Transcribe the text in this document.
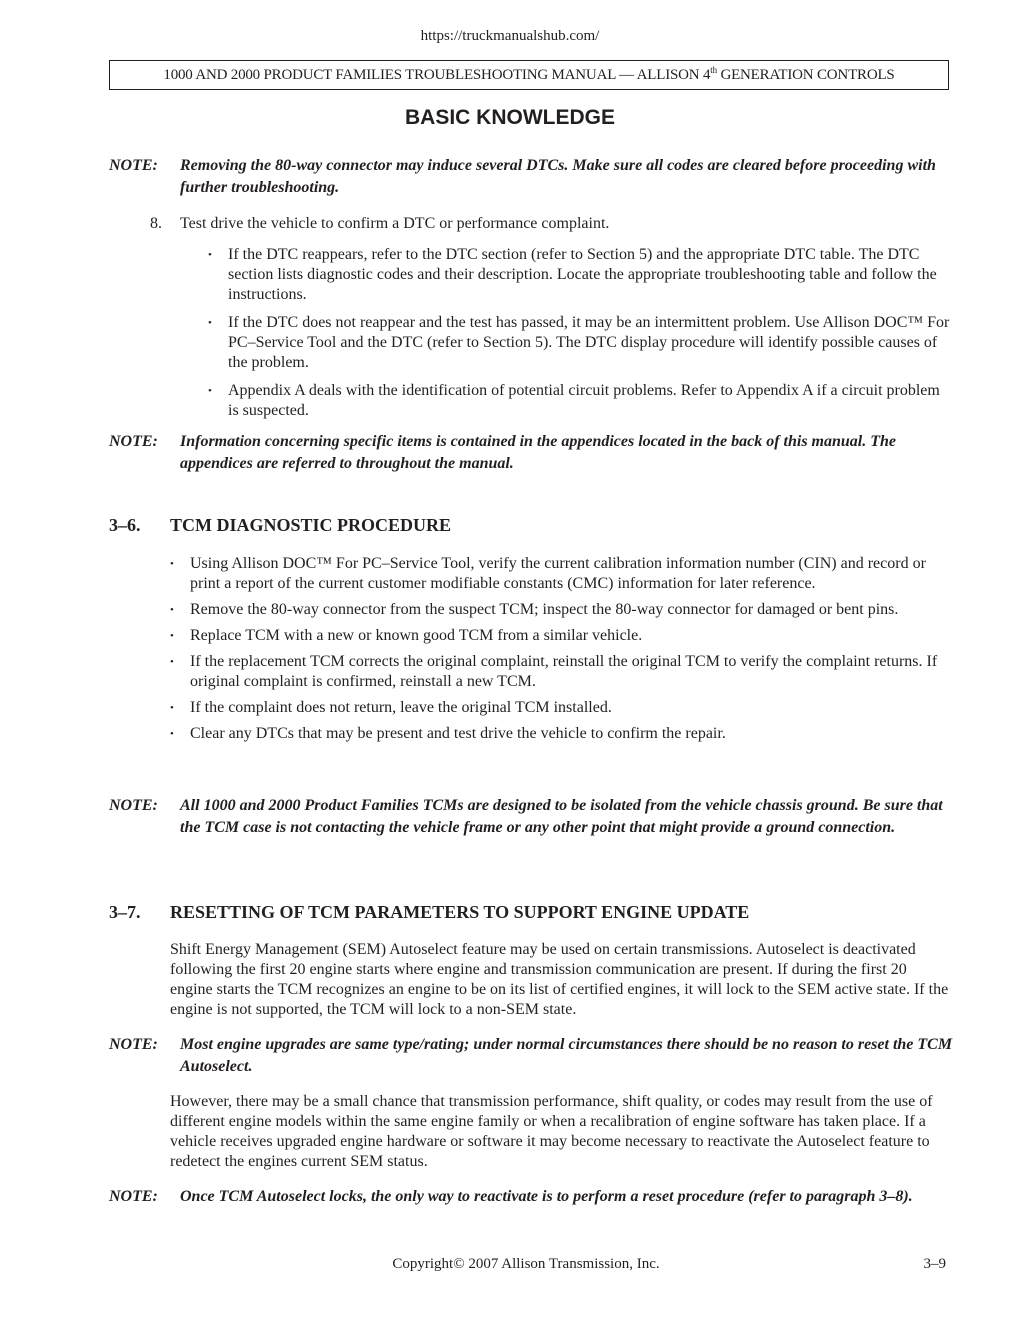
https://truckmanualshub.com/
1000 AND 2000 PRODUCT FAMILIES TROUBLESHOOTING MANUAL — ALLISON 4th GENERATION CONTROLS
BASIC KNOWLEDGE
NOTE: Removing the 80-way connector may induce several DTCs. Make sure all codes are cleared before proceeding with further troubleshooting.
8. Test drive the vehicle to confirm a DTC or performance complaint.
• If the DTC reappears, refer to the DTC section (refer to Section 5) and the appropriate DTC table. The DTC section lists diagnostic codes and their description. Locate the appropriate troubleshooting table and follow the instructions.
• If the DTC does not reappear and the test has passed, it may be an intermittent problem. Use Allison DOC™ For PC–Service Tool and the DTC (refer to Section 5). The DTC display procedure will identify possible causes of the problem.
• Appendix A deals with the identification of potential circuit problems. Refer to Appendix A if a circuit problem is suspected.
NOTE: Information concerning specific items is contained in the appendices located in the back of this manual. The appendices are referred to throughout the manual.
3–6. TCM DIAGNOSTIC PROCEDURE
• Using Allison DOC™ For PC–Service Tool, verify the current calibration information number (CIN) and record or print a report of the current customer modifiable constants (CMC) information for later reference.
• Remove the 80-way connector from the suspect TCM; inspect the 80-way connector for damaged or bent pins.
• Replace TCM with a new or known good TCM from a similar vehicle.
• If the replacement TCM corrects the original complaint, reinstall the original TCM to verify the complaint returns. If original complaint is confirmed, reinstall a new TCM.
• If the complaint does not return, leave the original TCM installed.
• Clear any DTCs that may be present and test drive the vehicle to confirm the repair.
NOTE: All 1000 and 2000 Product Families TCMs are designed to be isolated from the vehicle chassis ground. Be sure that the TCM case is not contacting the vehicle frame or any other point that might provide a ground connection.
3–7. RESETTING OF TCM PARAMETERS TO SUPPORT ENGINE UPDATE
Shift Energy Management (SEM) Autoselect feature may be used on certain transmissions. Autoselect is deactivated following the first 20 engine starts where engine and transmission communication are present. If during the first 20 engine starts the TCM recognizes an engine to be on its list of certified engines, it will lock to the SEM active state. If the engine is not supported, the TCM will lock to a non-SEM state.
NOTE: Most engine upgrades are same type/rating; under normal circumstances there should be no reason to reset the TCM Autoselect.
However, there may be a small chance that transmission performance, shift quality, or codes may result from the use of different engine models within the same engine family or when a recalibration of engine software has taken place. If a vehicle receives upgraded engine hardware or software it may become necessary to reactivate the Autoselect feature to redetect the engines current SEM status.
NOTE: Once TCM Autoselect locks, the only way to reactivate is to perform a reset procedure (refer to paragraph 3–8).
Copyright© 2007 Allison Transmission, Inc.	3–9
